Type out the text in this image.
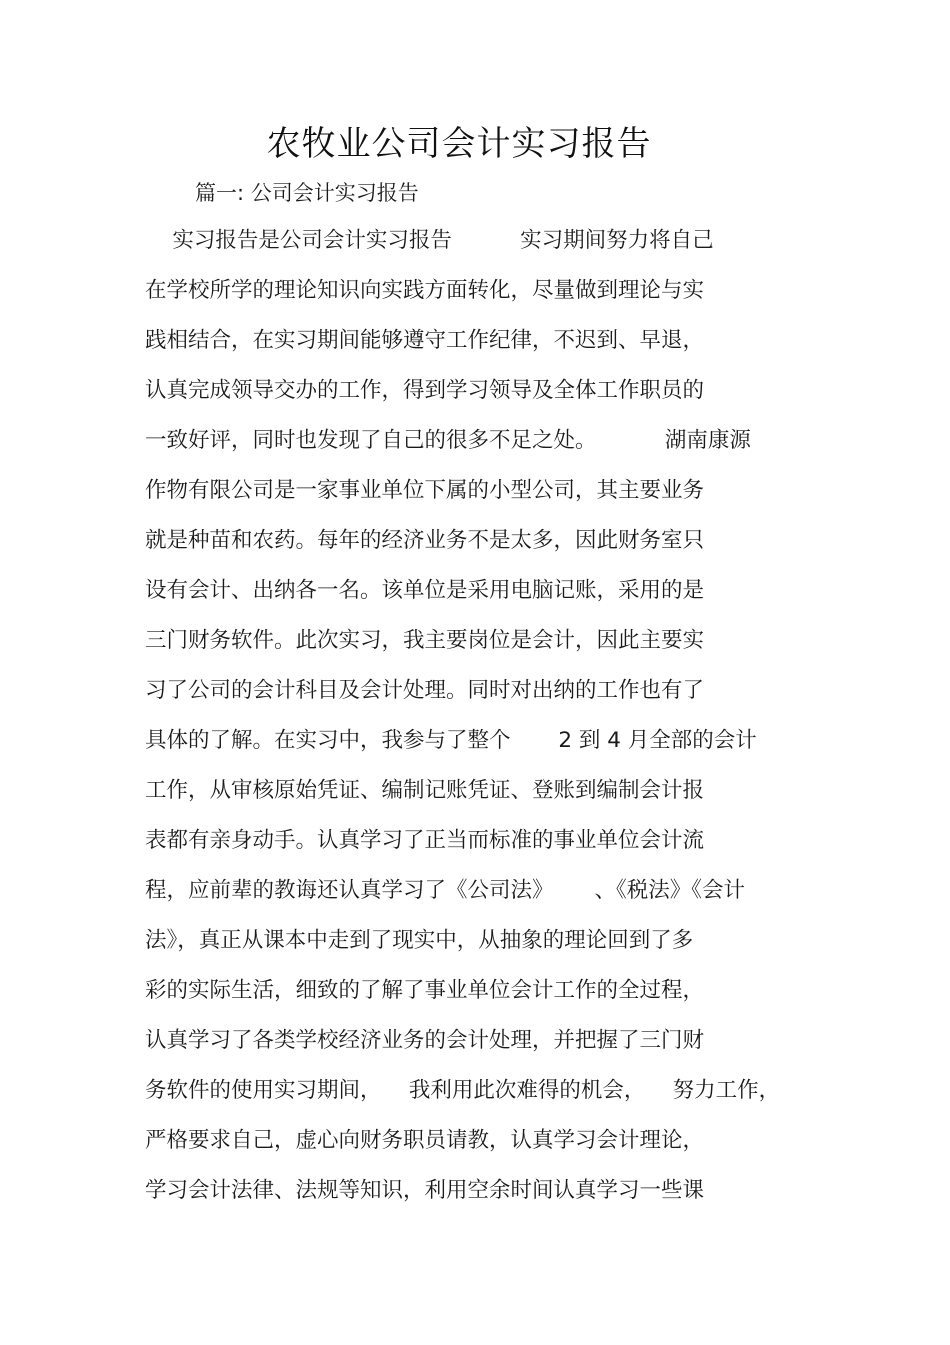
农牧业公司会计实习报告
篇一: 公司会计实习报告
实习报告是公司会计实习报告          实习期间努力将自己
在学校所学的理论知识向实践方面转化，尽量做到理论与实
践相结合，在实习期间能够遵守工作纪律，不迟到、早退，
认真完成领导交办的工作，得到学习领导及全体工作职员的
一致好评，同时也发现了自己的很多不足之处。          湖南康源
作物有限公司是一家事业单位下属的小型公司，其主要业务
就是种苗和农药。每年的经济业务不是太多，因此财务室只
设有会计、出纳各一名。该单位是采用电脑记账，采用的是
三门财务软件。此次实习，我主要岗位是会计，因此主要实
习了公司的会计科目及会计处理。同时对出纳的工作也有了
具体的了解。在实习中，我参与了整个       2 到 4 月全部的会计
工作，从审核原始凭证、编制记账凭证、登账到编制会计报
表都有亲身动手。认真学习了正当而标准的事业单位会计流
程，应前辈的教诲还认真学习了《公司法》      、《税法》《会计
法》，真正从课本中走到了现实中，从抽象的理论回到了多
彩的实际生活，细致的了解了事业单位会计工作的全过程，
认真学习了各类学校经济业务的会计处理，并把握了三门财
务软件的使用实习期间，    我利用此次难得的机会，    努力工作，
严格要求自己，虚心向财务职员请教，认真学习会计理论，
学习会计法律、法规等知识，利用空余时间认真学习一些课
